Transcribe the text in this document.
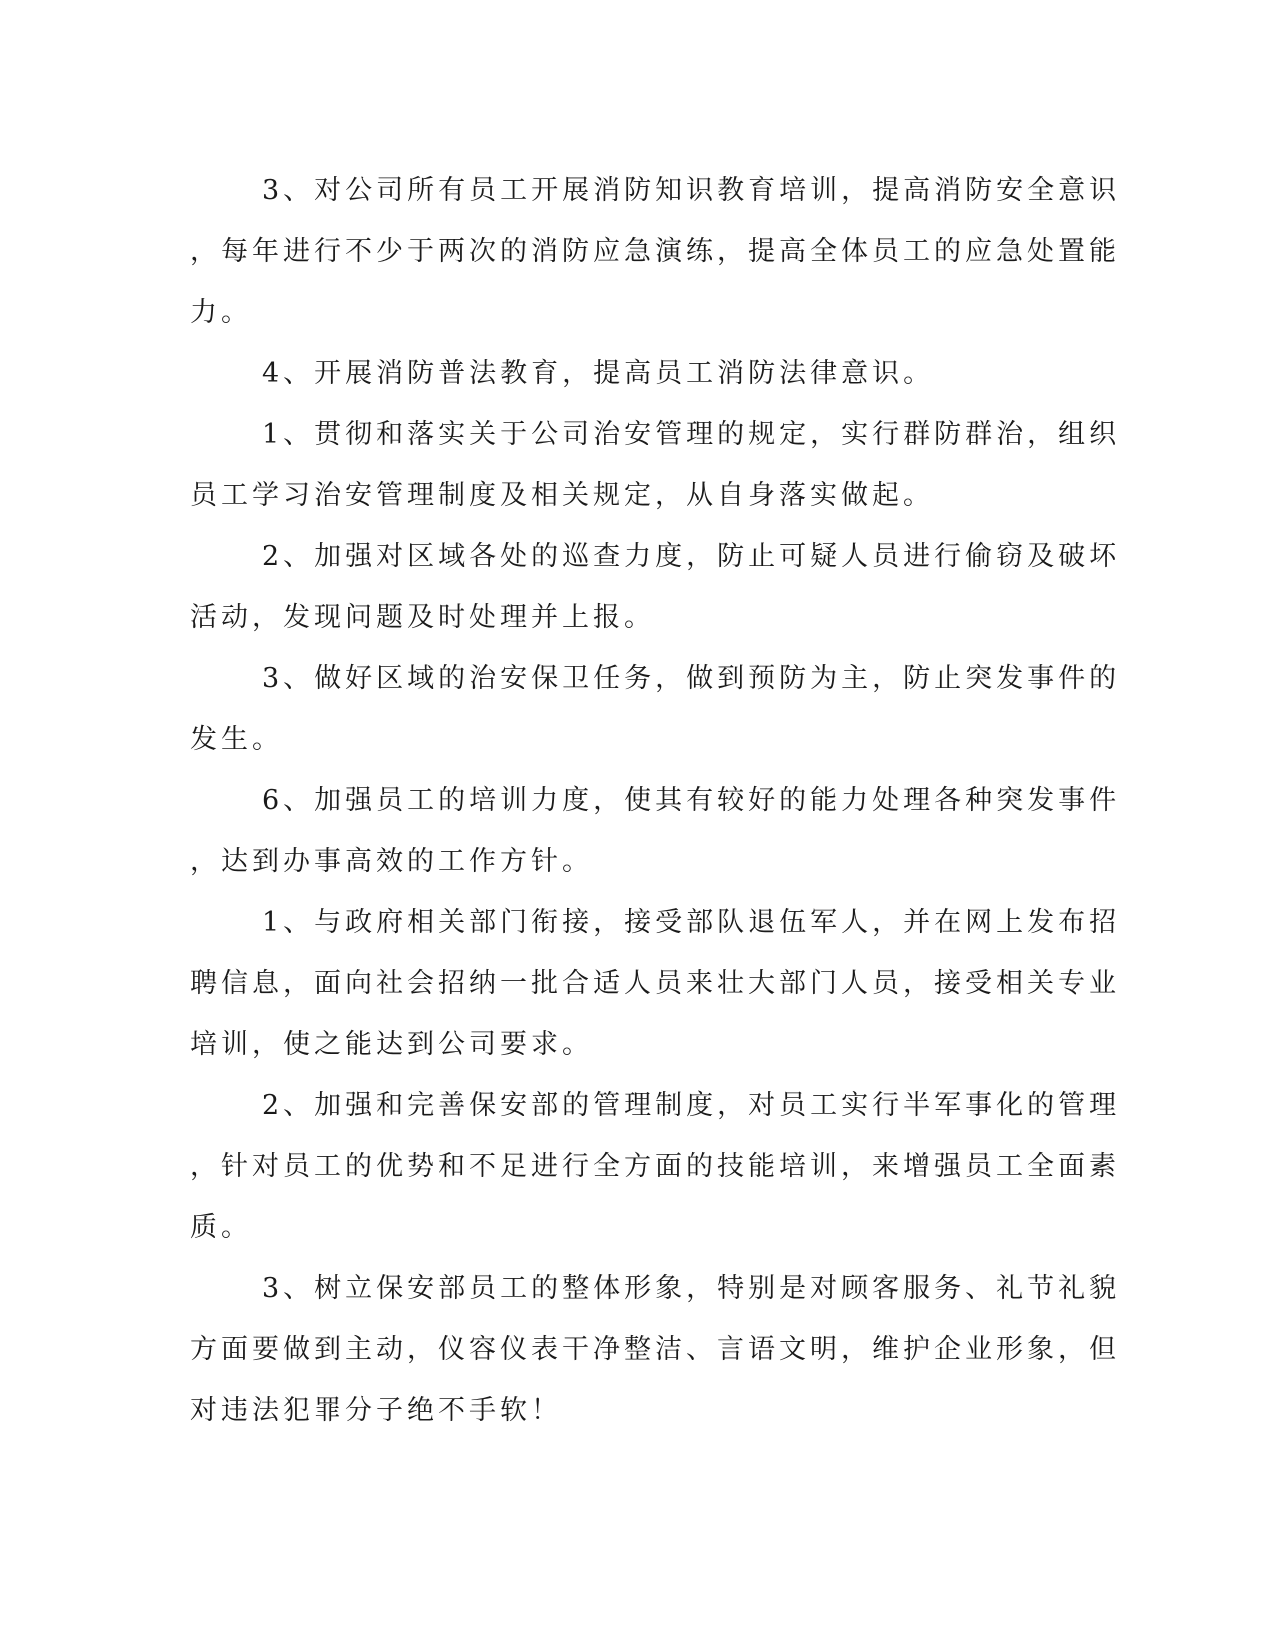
3、对公司所有员工开展消防知识教育培训，提高消防安全意识
，每年进行不少于两次的消防应急演练，提高全体员工的应急处置能
力。
4、开展消防普法教育，提高员工消防法律意识。
1、贯彻和落实关于公司治安管理的规定，实行群防群治，组织
员工学习治安管理制度及相关规定，从自身落实做起。
2、加强对区域各处的巡查力度，防止可疑人员进行偷窃及破坏
活动，发现问题及时处理并上报。
3、做好区域的治安保卫任务，做到预防为主，防止突发事件的
发生。
6、加强员工的培训力度，使其有较好的能力处理各种突发事件
，达到办事高效的工作方针。
1、与政府相关部门衔接，接受部队退伍军人，并在网上发布招
聘信息，面向社会招纳一批合适人员来壮大部门人员，接受相关专业
培训，使之能达到公司要求。
2、加强和完善保安部的管理制度，对员工实行半军事化的管理
，针对员工的优势和不足进行全方面的技能培训，来增强员工全面素
质。
3、树立保安部员工的整体形象，特别是对顾客服务、礼节礼貌
方面要做到主动，仪容仪表干净整洁、言语文明，维护企业形象，但
对违法犯罪分子绝不手软！
